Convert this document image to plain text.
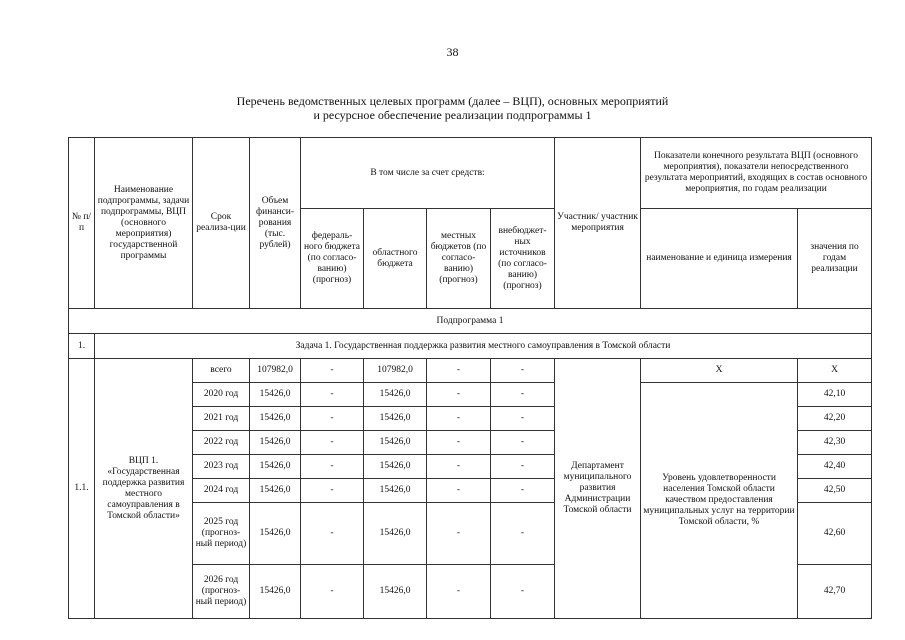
38
Перечень ведомственных целевых программ (далее – ВЦП), основных мероприятий
и ресурсное обеспечение реализации подпрограммы 1
№ п/п	Наименование подпрограммы, задачи подпрограммы, ВЦП (основного мероприятия) государственной программы	Срок реализа-ции	Объем финанси-рования (тыс. рублей)	В том числе за счет средств:				Участник/ участник мероприятия	Показатели конечного результата ВЦП (основного мероприятия), показатели непосредственного результата мероприятий, входящих в состав основного мероприятия, по годам реализации	
				федераль-ного бюджета (по согласо-ванию) (прогноз)	областного бюджета	местных бюджетов (по согласо-ванию) (прогноз)	внебюджет-ных источников (по согласо-ванию) (прогноз)		наименование и единица измерения	значения по годам реализации
Подпрограмма 1										
1.	Задача 1. Государственная поддержка развития местного самоуправления в Томской области									
1.1.	ВЦП 1. «Государственная поддержка развития местного самоуправления в Томской области»	всего	107982,0	-	107982,0	-	-	Департамент муниципального развития Администрации Томской области	Х	Х
		2020 год	15426,0	-	15426,0	-	-		Уровень удовлетворенности населения Томской области качеством предоставления муниципальных услуг на территории Томской области, %	42,10
		2021 год	15426,0	-	15426,0	-	-			42,20
		2022 год	15426,0	-	15426,0	-	-			42,30
		2023 год	15426,0	-	15426,0	-	-			42,40
		2024 год	15426,0	-	15426,0	-	-			42,50
		2025 год (прогноз-ный период)	15426,0	-	15426,0	-	-			42,60
		2026 год (прогноз-ный период)	15426,0	-	15426,0	-	-			42,70
